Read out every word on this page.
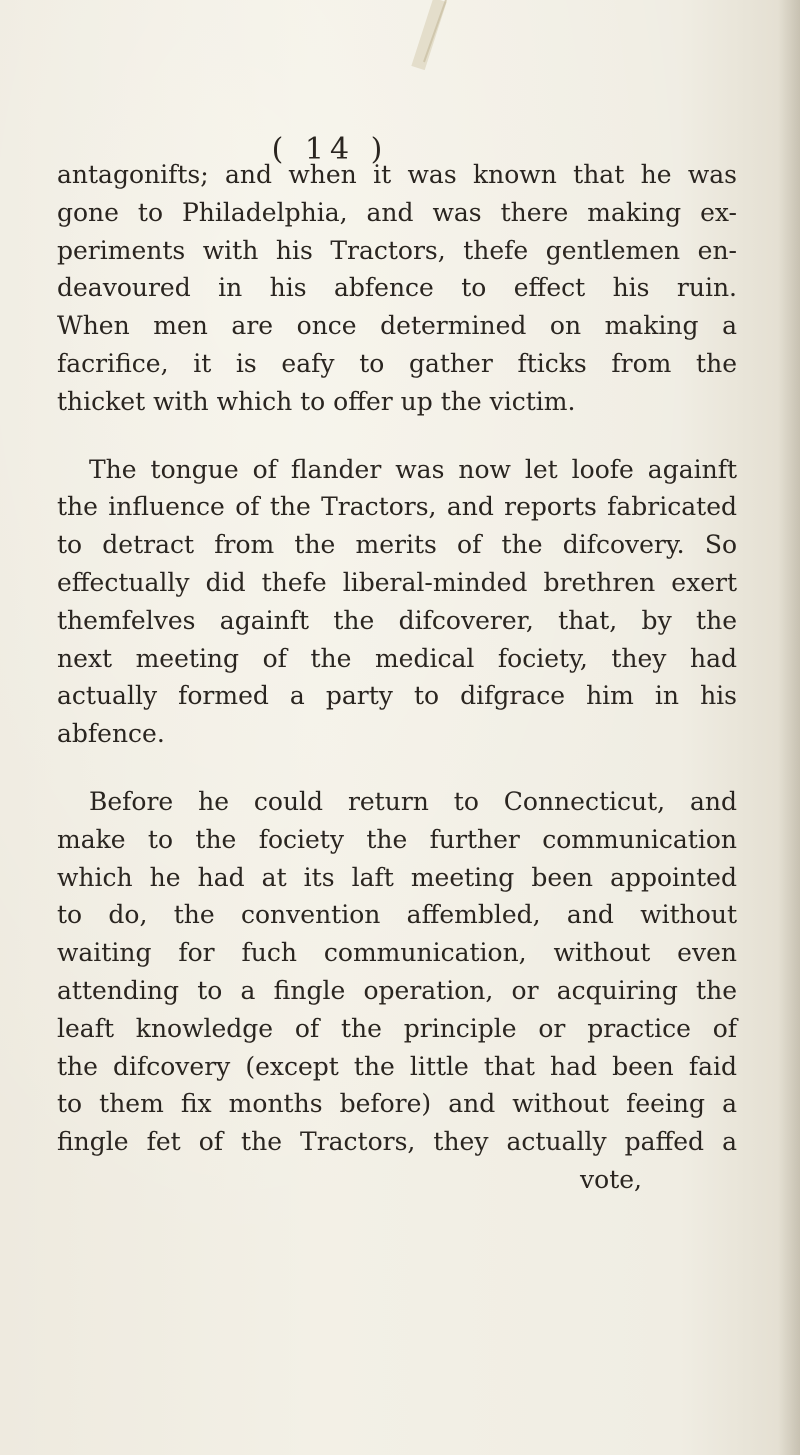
( 14 )

antagonifts; and when it was known that he was

gone to Philadelphia, and was there making ex-

periments with his Tractors, thefe gentlemen en-

deavoured in his abfence to effect his ruin.

When men are once determined on making a

facrifice, it is eafy to gather fticks from the

thicket with which to offer up the victim.

The tongue of flander was now let loofe againft

the influence of the Tractors, and reports fabricated

to detract from the merits of the difcovery. So

effectually did thefe liberal-minded brethren exert

themfelves againft the difcoverer, that, by the

next meeting of the medical fociety, they had

actually formed a party to difgrace him in his

abfence.

Before he could return to Connecticut, and

make to the fociety the further communication

which he had at its laft meeting been appointed

to do, the convention affembled, and without

waiting for fuch communication, without even

attending to a fingle operation, or acquiring the

leaft knowledge of the principle or practice of

the difcovery (except the little that had been faid

to them fix months before) and without feeing a

fingle fet of the Tractors, they actually paffed a

vote,
